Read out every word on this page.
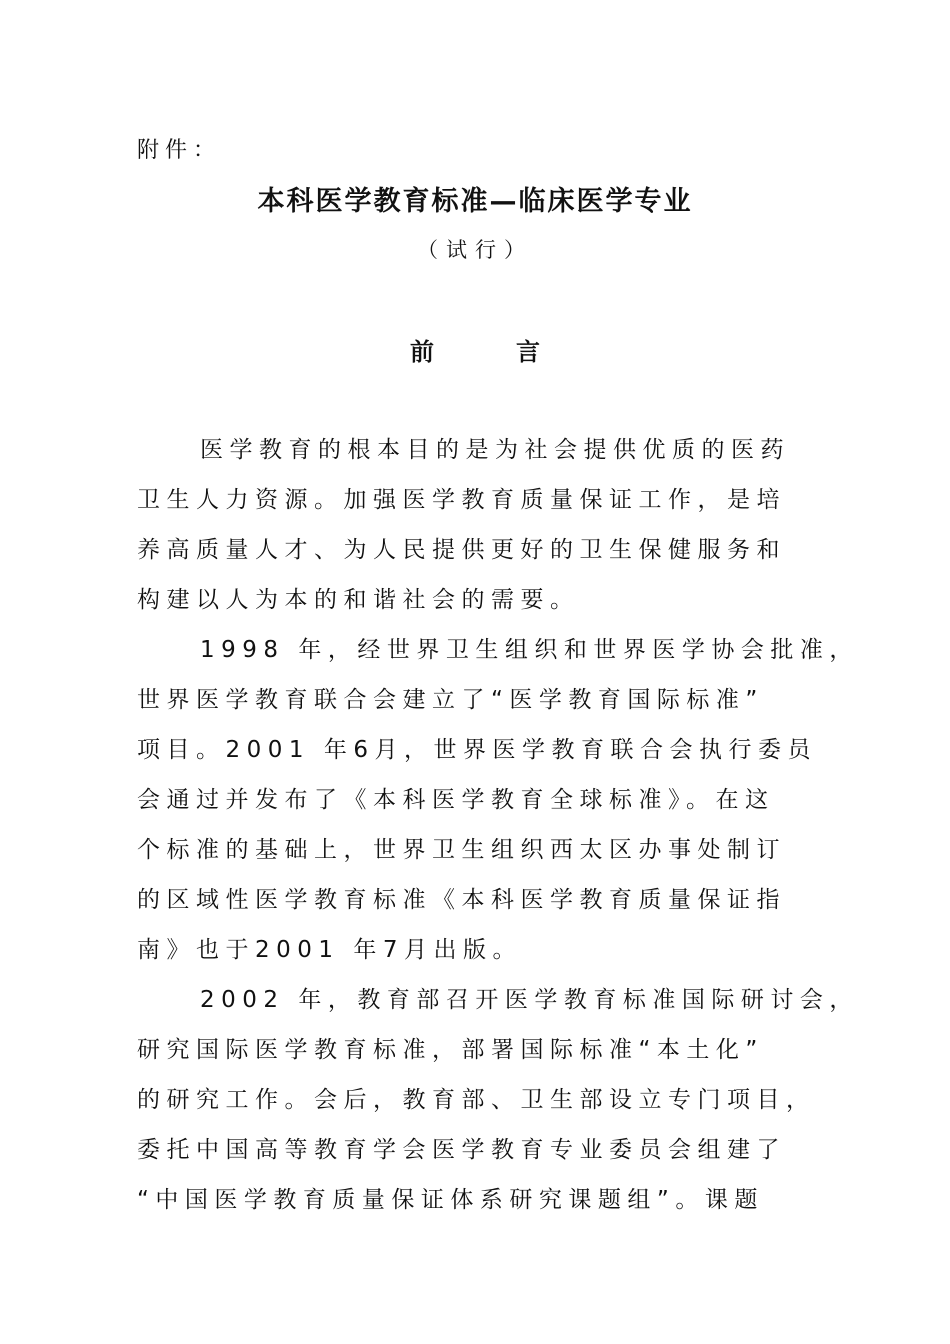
附件：
本科医学教育标准—临床医学专业
（试行）
前言
医学教育的根本目的是为社会提供优质的医药
卫生人力资源。加强医学教育质量保证工作，是培
养高质量人才、为人民提供更好的卫生保健服务和
构建以人为本的和谐社会的需要。
1998 年，经世界卫生组织和世界医学协会批准，
世界医学教育联合会建立了“医学教育国际标准”
项目。2001 年6月，世界医学教育联合会执行委员
会通过并发布了《本科医学教育全球标准》。在这
个标准的基础上，世界卫生组织西太区办事处制订
的区域性医学教育标准《本科医学教育质量保证指
南》也于2001 年7月出版。
2002 年，教育部召开医学教育标准国际研讨会，
研究国际医学教育标准，部署国际标准“本土化”
的研究工作。会后，教育部、卫生部设立专门项目，
委托中国高等教育学会医学教育专业委员会组建了
“中国医学教育质量保证体系研究课题组”。课题
